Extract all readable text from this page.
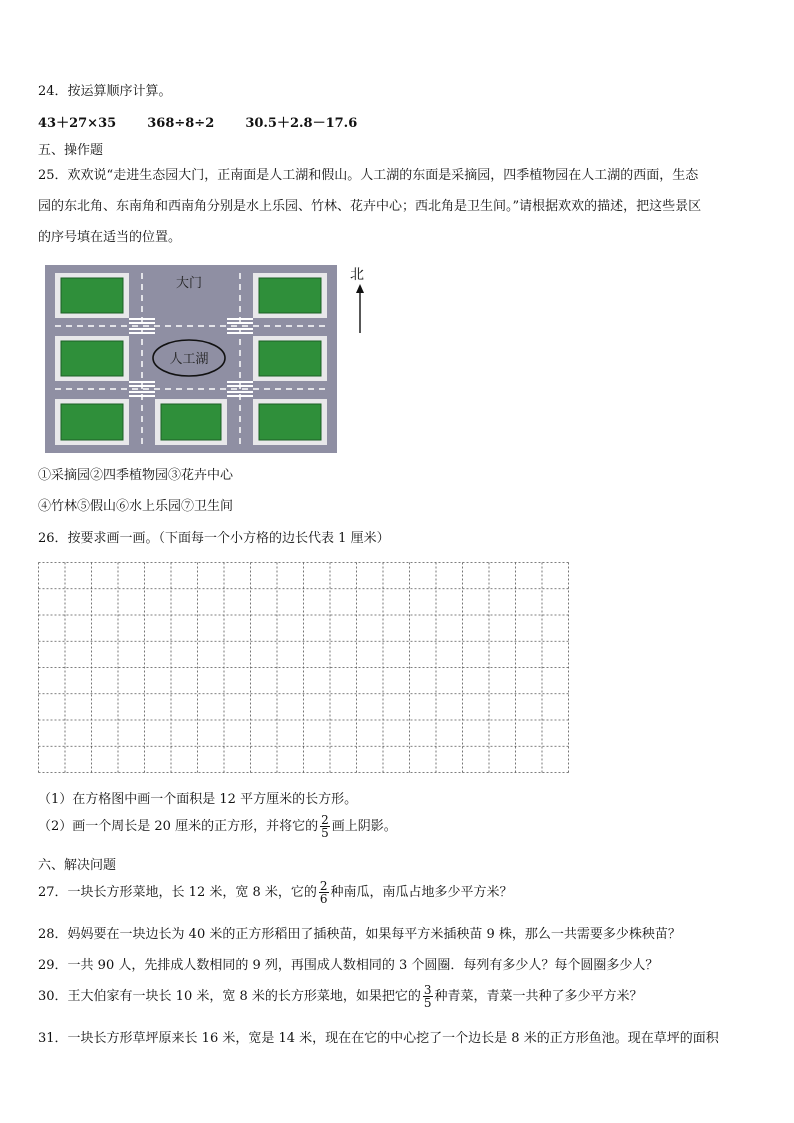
24．按运算顺序计算。
43＋27×35 368÷8÷2 30.5＋2.8－17.6
五、操作题
25．欢欢说“走进生态园大门，正南面是人工湖和假山。人工湖的东面是采摘园，四季植物园在人工湖的西面，生态
园的东北角、东南角和西南角分别是水上乐园、竹林、花卉中心；西北角是卫生间。”请根据欢欢的描述，把这些景区
的序号填在适当的位置。
大门
人工湖
北
①采摘园②四季植物园③花卉中心
④竹林⑤假山⑥水上乐园⑦卫生间
26．按要求画一画。（下面每一个小方格的边长代表 1 厘米）
（1）在方格图中画一个面积是 12 平方厘米的长方形。
（2）画一个周长是 20 厘米的正方形，并将它的 $\frac{2}{5}$ 画上阴影。
六、解决问题
27．一块长方形菜地，长 12 米，宽 8 米，它的 $\frac{2}{6}$ 种南瓜，南瓜占地多少平方米？
28．妈妈要在一块边长为 40 米的正方形稻田了插秧苗，如果每平方米插秧苗 9 株，那么一共需要多少株秧苗？
29．一共 90 人，先排成人数相同的 9 列，再围成人数相同的 3 个圆圈．每列有多少人？每个圆圈多少人？
30．王大伯家有一块长 10 米，宽 8 米的长方形菜地，如果把它的 $\frac{3}{5}$ 种青菜，青菜一共种了多少平方米？
31．一块长方形草坪原来长 16 米，宽是 14 米，现在在它的中心挖了一个边长是 8 米的正方形鱼池。现在草坪的面积
